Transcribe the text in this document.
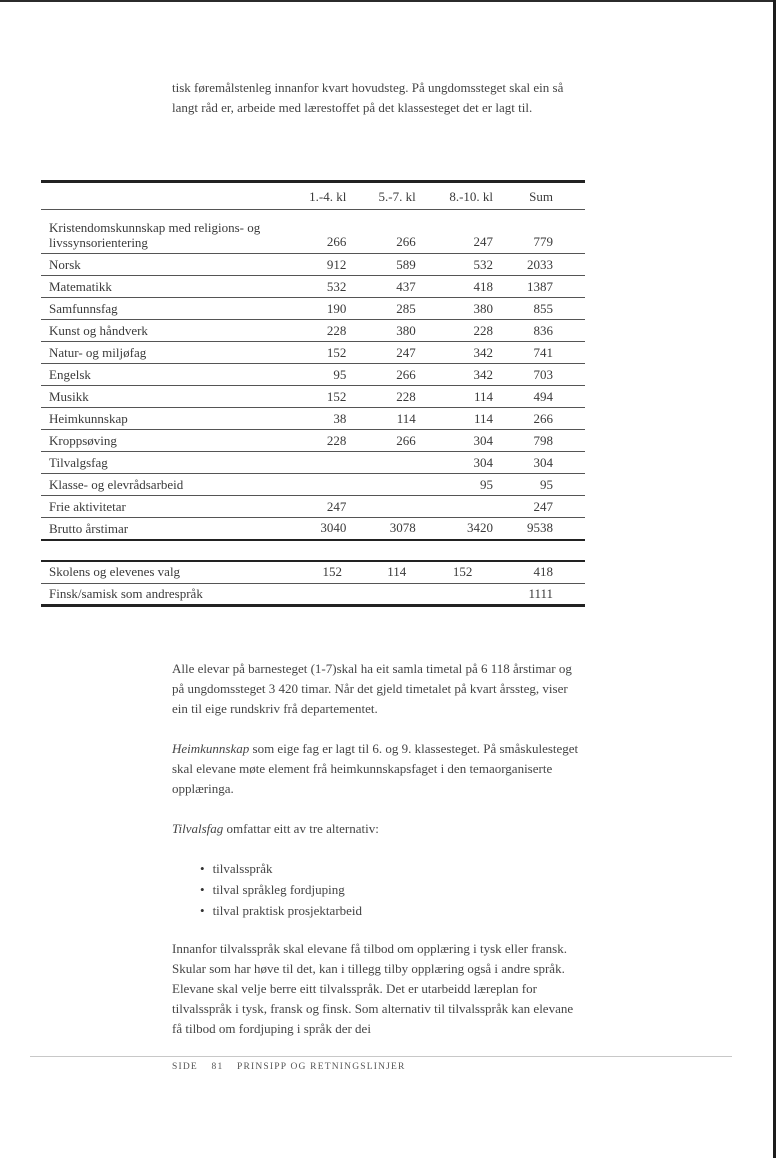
tisk føremålstenleg innanfor kvart hovudsteg. På ungdomssteget skal ein så langt råd er, arbeide med lærestoffet på det klassesteget det er lagt til.

	1.-4. kl	5.-7. kl	8.-10. kl	Sum
Kristendomskunnskap med religions- og livssynsorientering	266	266	247	779
Norsk	912	589	532	2033
Matematikk	532	437	418	1387
Samfunnsfag	190	285	380	855
Kunst og håndverk	228	380	228	836
Natur- og miljøfag	152	247	342	741
Engelsk	95	266	342	703
Musikk	152	228	114	494
Heimkunnskap	38	114	114	266
Kroppsøving	228	266	304	798
Tilvalgsfag			304	304
Klasse- og elevrådsarbeid			95	95
Frie aktivitetar	247			247
Brutto årstimar	3040	3078	3420	9538
Skolens og elevenes valg	152	114	152	418
Finsk/samisk som andrespråk				1111

Alle elevar på barnesteget (1-7)skal ha eit samla timetal på 6 118 årstimar og på ungdomssteget 3 420 timar. Når det gjeld timetalet på kvart årssteg, viser ein til eige rundskriv frå departementet.

Heimkunnskap som eige fag er lagt til 6. og 9. klassesteget. På småskulesteget skal elevane møte element frå heimkunnskapsfaget i den temaorganiserte opplæringa.

Tilvalsfag omfattar eitt av tre alternativ:

• tilvalsspråk
• tilval språkleg fordjuping
• tilval praktisk prosjektarbeid

Innanfor tilvalsspråk skal elevane få tilbod om opplæring i tysk eller fransk. Skular som har høve til det, kan i tillegg tilby opplæring også i andre språk. Elevane skal velje berre eitt tilvalsspråk. Det er utarbeidd læreplan for tilvalsspråk i tysk, fransk og finsk. Som alternativ til tilvalsspråk kan elevane få tilbod om fordjuping i språk der dei

SIDE 81 PRINSIPP OG RETNINGSLINJER
